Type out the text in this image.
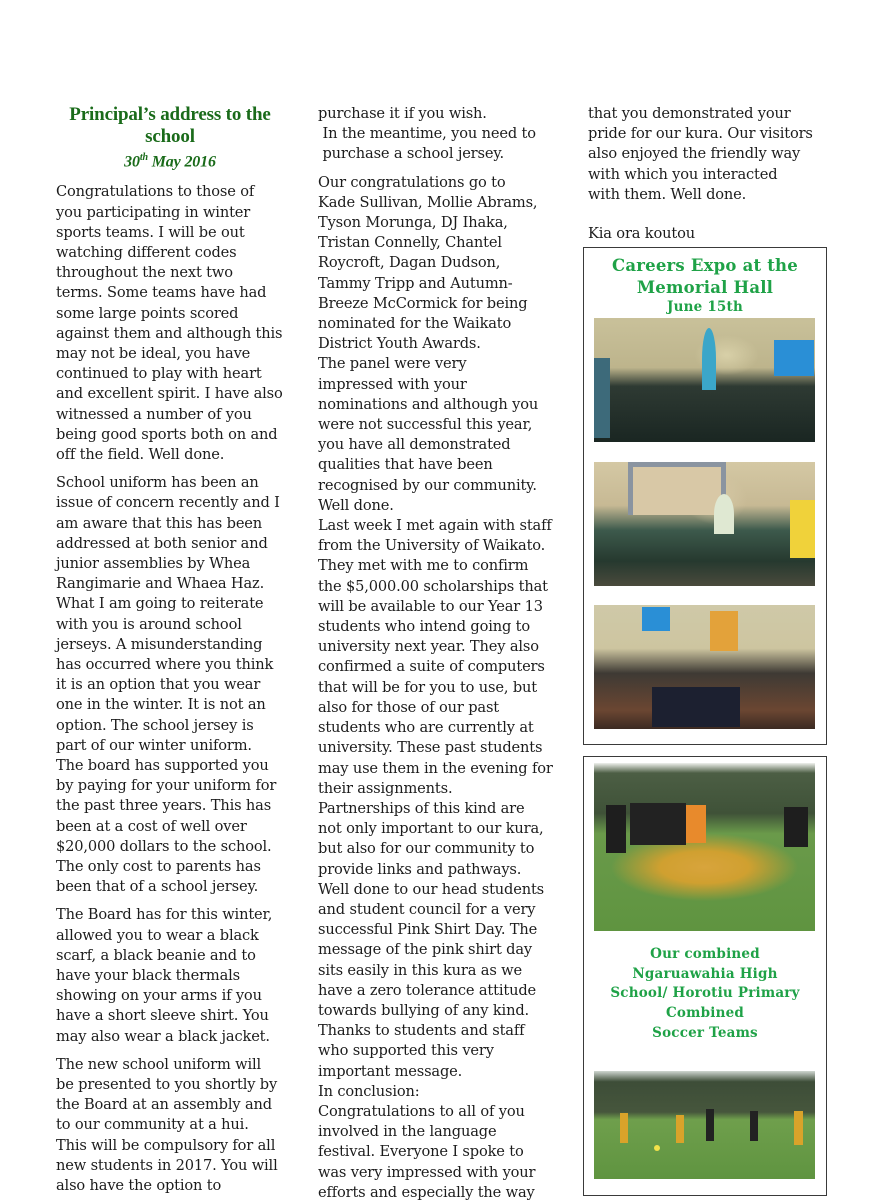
Principal’s address to the
school
30th May 2016
Congratulations to those of
you participating in winter
sports teams. I will be out
watching different codes
throughout the next two
terms. Some teams have had
some large points scored
against them and although this
may not be ideal, you have
continued to play with heart
and excellent spirit. I have also
witnessed a number of you
being good sports both on and
off the field. Well done.
School uniform has been an
issue of concern recently and I
am aware that this has been
addressed at both senior and
junior assemblies by Whea
Rangimarie and Whaea Haz.
What I am going to reiterate
with you is around school
jerseys. A misunderstanding
has occurred where you think
it is an option that you wear
one in the winter. It is not an
option. The school jersey is
part of our winter uniform.
The board has supported you
by paying for your uniform for
the past three years. This has
been at a cost of well over
$20,000 dollars to the school.
The only cost to parents has
been that of a school jersey.
The Board has for this winter,
allowed you to wear a black
scarf, a black beanie and to
have your black thermals
showing on your arms if you
have a short sleeve shirt. You
may also wear a black jacket.
The new school uniform will
be presented to you shortly by
the Board at an assembly and
to our community at a hui.
This will be compulsory for all
new students in 2017. You will
also have the option to
purchase it if you wish.
In the meantime, you need to
purchase a school jersey.
Our congratulations go to
Kade Sullivan, Mollie Abrams,
Tyson Morunga, DJ Ihaka,
Tristan Connelly, Chantel
Roycroft, Dagan Dudson,
Tammy Tripp and Autumn-
Breeze McCormick for being
nominated for the Waikato
District Youth Awards.
The panel were very
impressed with your
nominations and although you
were not successful this year,
you have all demonstrated
qualities that have been
recognised by our community.
Well done.
Last week I met again with staff
from the University of Waikato.
They met with me to confirm
the $5,000.00 scholarships that
will be available to our Year 13
students who intend going to
university next year. They also
confirmed a suite of computers
that will be for you to use, but
also for those of our past
students who are currently at
university. These past students
may use them in the evening for
their assignments.
Partnerships of this kind are
not only important to our kura,
but also for our community to
provide links and pathways.
Well done to our head students
and student council for a very
successful Pink Shirt Day. The
message of the pink shirt day
sits easily in this kura as we
have a zero tolerance attitude
towards bullying of any kind.
Thanks to students and staff
who supported this very
important message.
In conclusion:
Congratulations to all of you
involved in the language
festival. Everyone I spoke to
was very impressed with your
efforts and especially the way
that you demonstrated your
pride for our kura. Our visitors
also enjoyed the friendly way
with which you interacted
with them. Well done.

Kia ora koutou

Careers Expo at the
Memorial Hall
June 15th
Our combined
Ngaruawahia High
School/ Horotiu Primary
Combined
Soccer Teams
